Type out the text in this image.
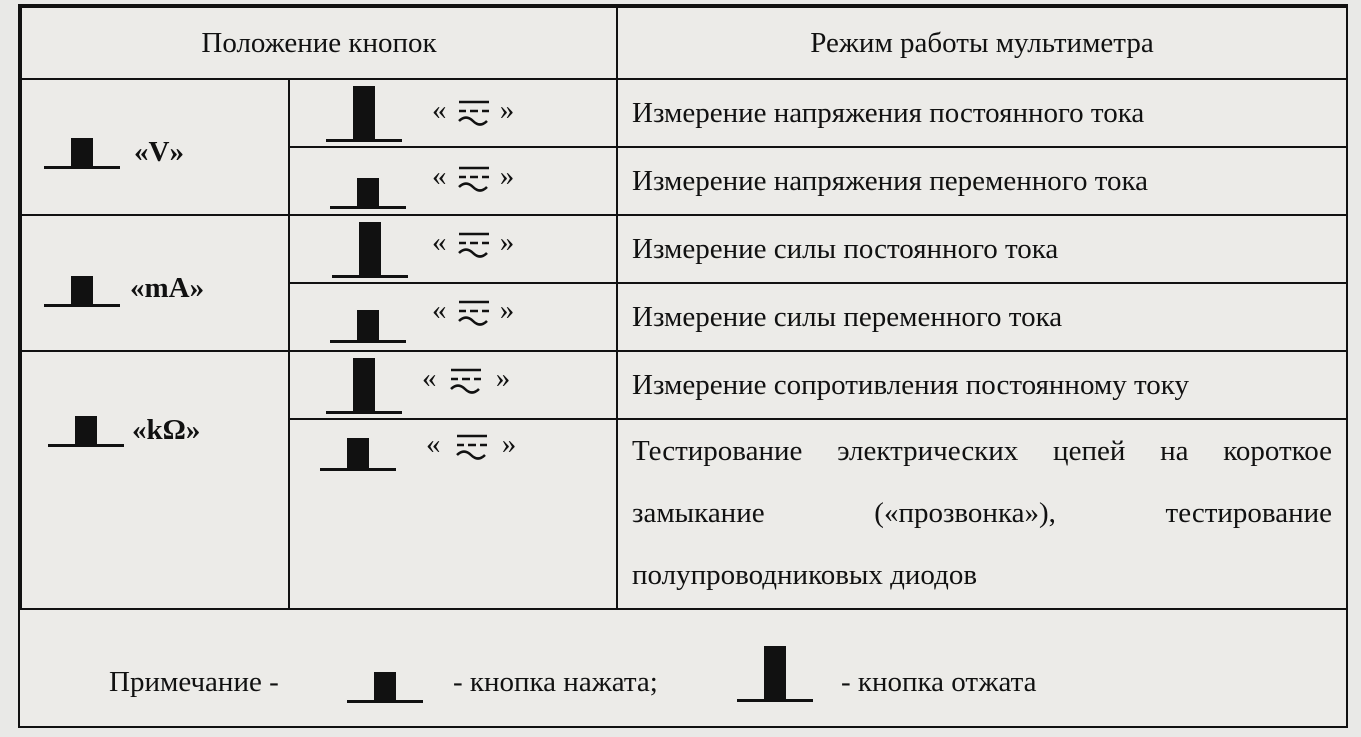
Положение кнопок		Режим работы мультиметра

«V»	« »	Измерение напряжения постоянного тока

	« »	Измерение напряжения переменного тока

«mA»	« »	Измерение силы постоянного тока

	« »	Измерение силы переменного тока

«kΩ»	« »	Измерение сопротивления постоянному току

	« »	Тестирование электрических цепей на короткое замыкание («прозвонка»), тестирование полупроводниковых диодов

Примечание - - кнопка нажата; - кнопка отжата		
